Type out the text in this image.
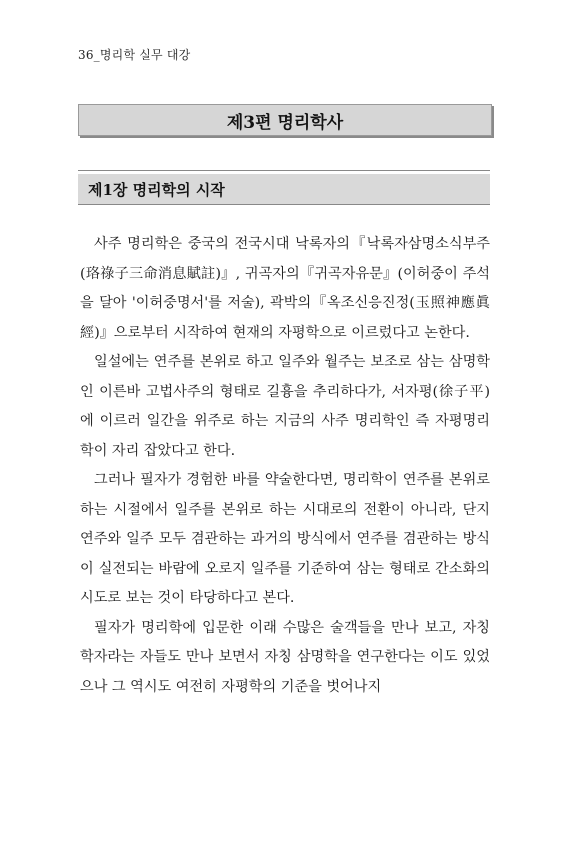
36_명리학 실무 대강
제3편 명리학사
제1장 명리학의 시작

사주 명리학은 중국의 전국시대 낙록자의『낙록자삼명소식부주(珞祿子三命消息賦註)』, 귀곡자의『귀곡자유문』(이허중이 주석을 달아 '이허중명서'를 저술), 곽박의『옥조신응진정(玉照神應眞經)』으로부터 시작하여 현재의 자평학으로 이르렀다고 논한다.

일설에는 연주를 본위로 하고 일주와 월주는 보조로 삼는 삼명학인 이른바 고법사주의 형태로 길흉을 추리하다가, 서자평(徐子平)에 이르러 일간을 위주로 하는 지금의 사주 명리학인 즉 자평명리학이 자리 잡았다고 한다.

그러나 필자가 경험한 바를 약술한다면, 명리학이 연주를 본위로 하는 시절에서 일주를 본위로 하는 시대로의 전환이 아니라, 단지 연주와 일주 모두 겸관하는 과거의 방식에서 연주를 겸관하는 방식이 실전되는 바람에 오로지 일주를 기준하여 삼는 형태로 간소화의 시도로 보는 것이 타당하다고 본다.

필자가 명리학에 입문한 이래 수많은 술객들을 만나 보고, 자칭 학자라는 자들도 만나 보면서 자칭 삼명학을 연구한다는 이도 있었으나 그 역시도 여전히 자평학의 기준을 벗어나지
